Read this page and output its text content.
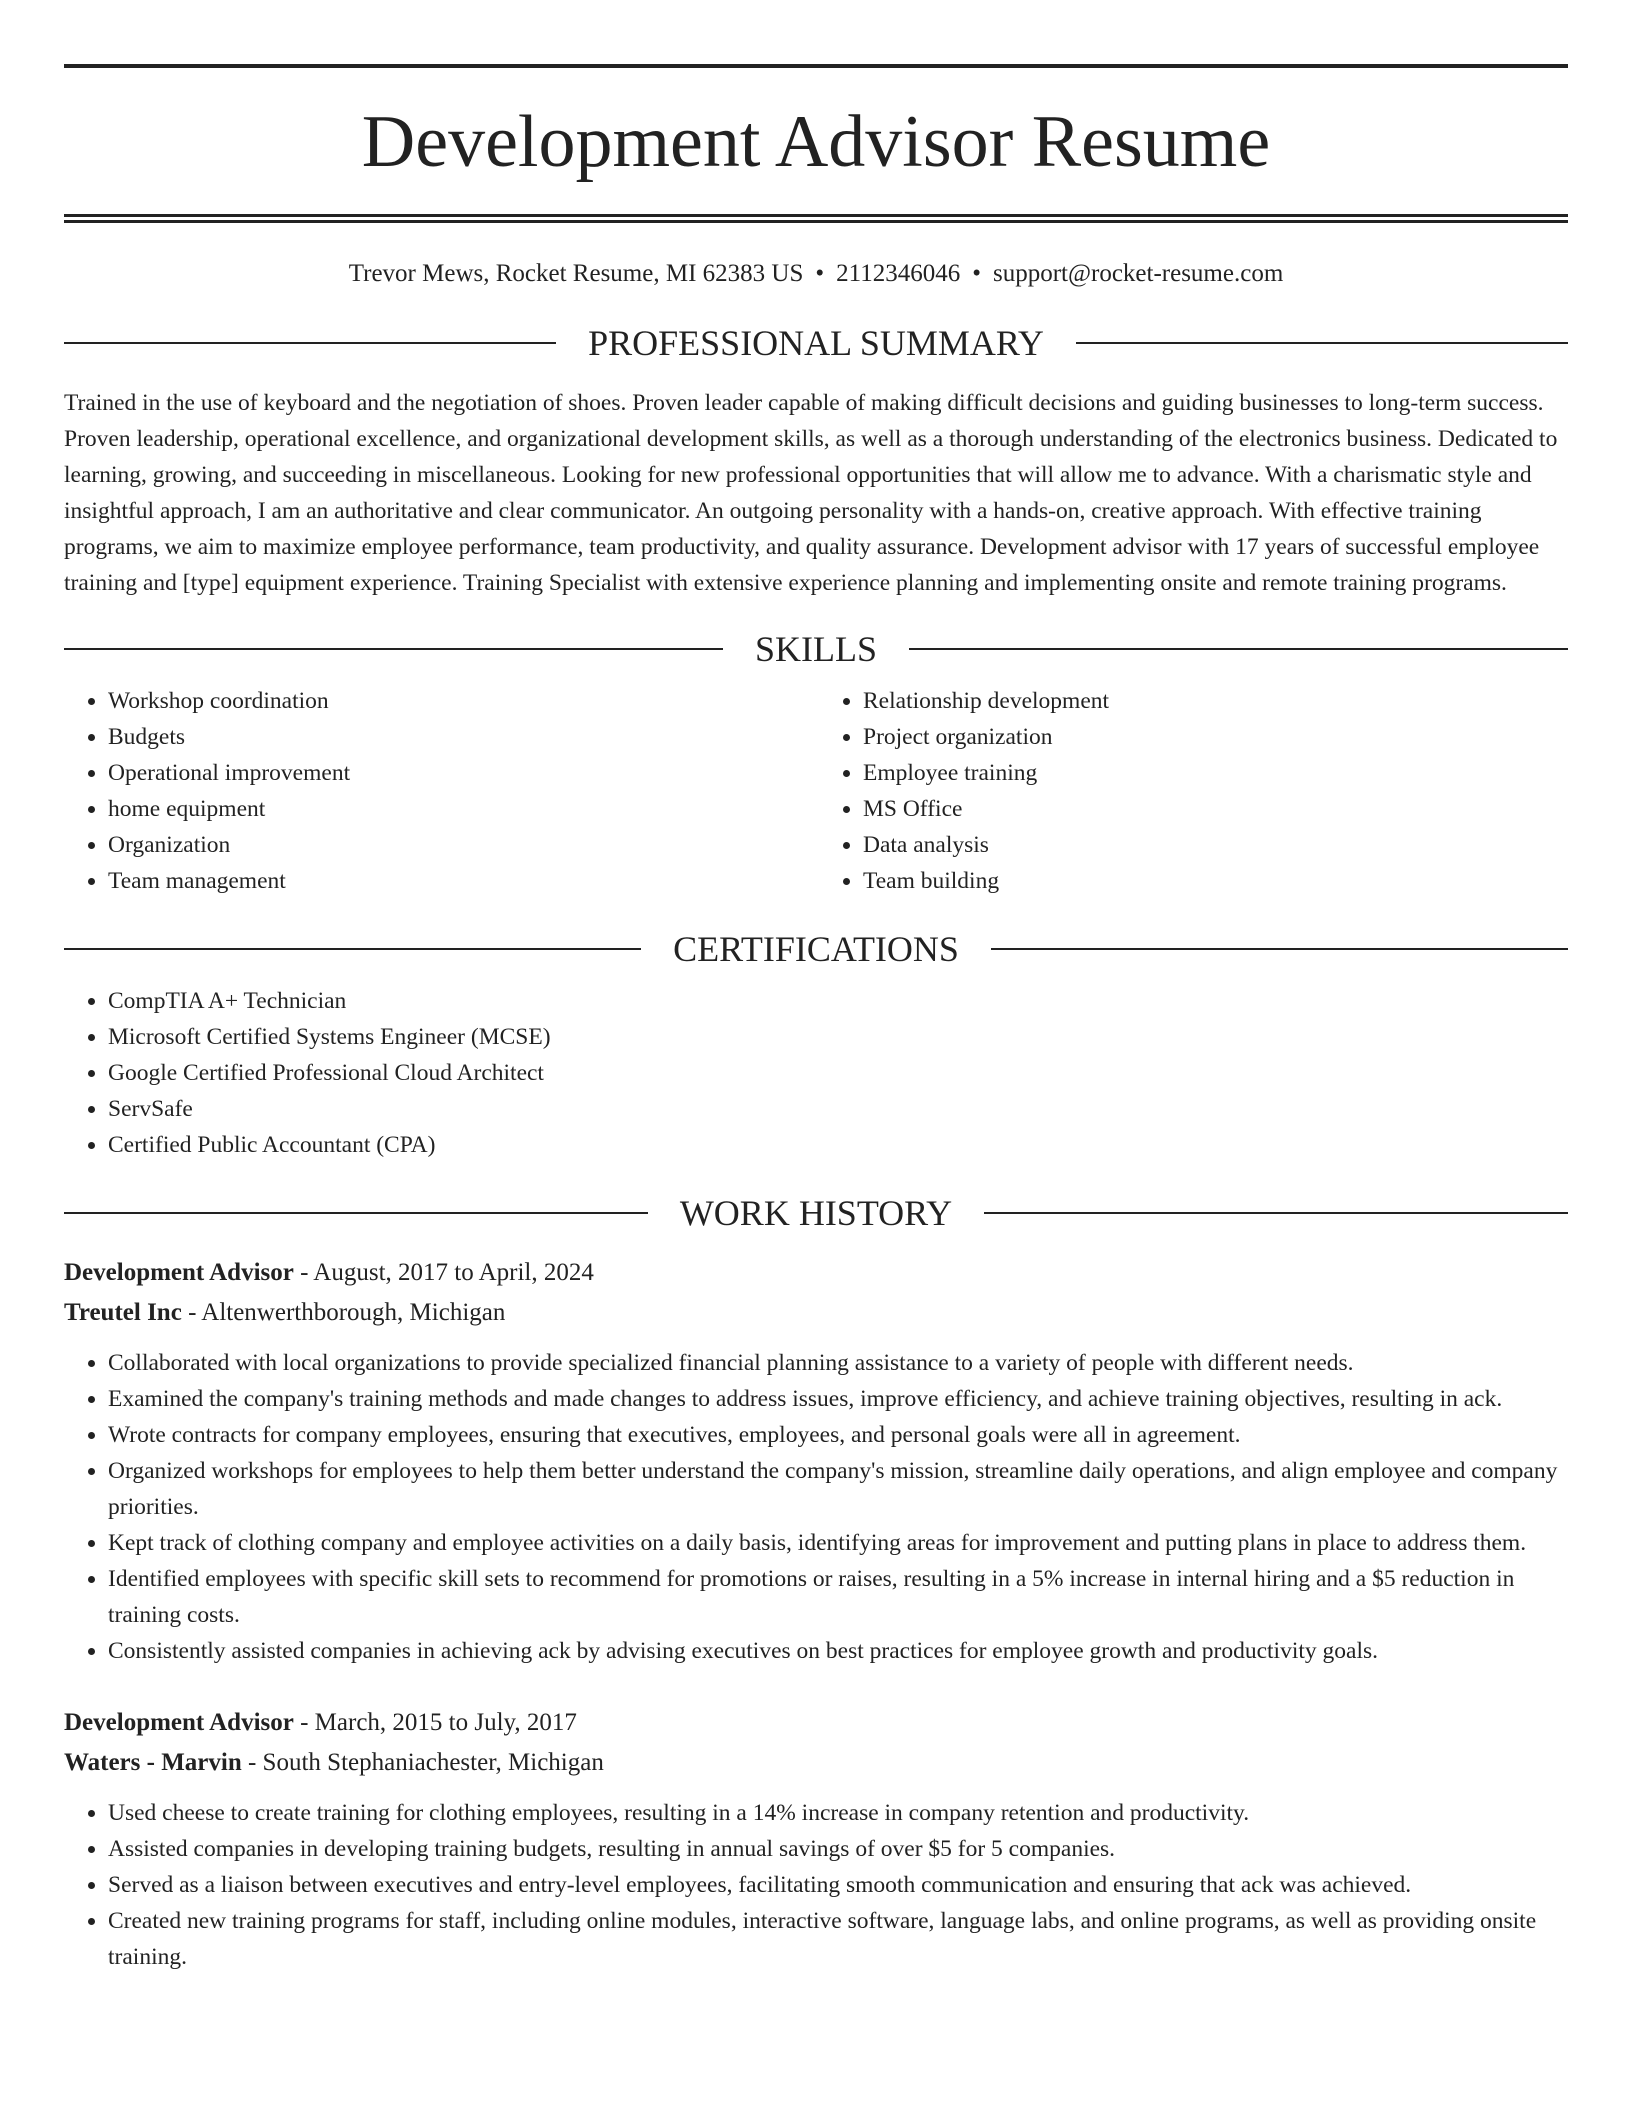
Development Advisor Resume
Trevor Mews, Rocket Resume, MI 62383 US • 2112346046 • support@rocket-resume.com
PROFESSIONAL SUMMARY

Trained in the use of keyboard and the negotiation of shoes. Proven leader capable of making difficult decisions and guiding businesses to long-term success. Proven leadership, operational excellence, and organizational development skills, as well as a thorough understanding of the electronics business. Dedicated to learning, growing, and succeeding in miscellaneous. Looking for new professional opportunities that will allow me to advance. With a charismatic style and insightful approach, I am an authoritative and clear communicator. An outgoing personality with a hands-on, creative approach. With effective training programs, we aim to maximize employee performance, team productivity, and quality assurance. Development advisor with 17 years of successful employee training and [type] equipment experience. Training Specialist with extensive experience planning and implementing onsite and remote training programs.

SKILLS
• Workshop coordination
• Budgets
• Operational improvement
• home equipment
• Organization
• Team management
• Relationship development
• Project organization
• Employee training
• MS Office
• Data analysis
• Team building
CERTIFICATIONS
• CompTIA A+ Technician
• Microsoft Certified Systems Engineer (MCSE)
• Google Certified Professional Cloud Architect
• ServSafe
• Certified Public Accountant (CPA)
WORK HISTORY
Development Advisor - August, 2017 to April, 2024
Treutel Inc - Altenwerthborough, Michigan
• Collaborated with local organizations to provide specialized financial planning assistance to a variety of people with different needs.
• Examined the company's training methods and made changes to address issues, improve efficiency, and achieve training objectives, resulting in ack.
• Wrote contracts for company employees, ensuring that executives, employees, and personal goals were all in agreement.
• Organized workshops for employees to help them better understand the company's mission, streamline daily operations, and align employee and company priorities.
• Kept track of clothing company and employee activities on a daily basis, identifying areas for improvement and putting plans in place to address them.
• Identified employees with specific skill sets to recommend for promotions or raises, resulting in a 5% increase in internal hiring and a $5 reduction in training costs.
• Consistently assisted companies in achieving ack by advising executives on best practices for employee growth and productivity goals.
Development Advisor - March, 2015 to July, 2017
Waters - Marvin - South Stephaniachester, Michigan
• Used cheese to create training for clothing employees, resulting in a 14% increase in company retention and productivity.
• Assisted companies in developing training budgets, resulting in annual savings of over $5 for 5 companies.
• Served as a liaison between executives and entry-level employees, facilitating smooth communication and ensuring that ack was achieved.
• Created new training programs for staff, including online modules, interactive software, language labs, and online programs, as well as providing onsite training.
